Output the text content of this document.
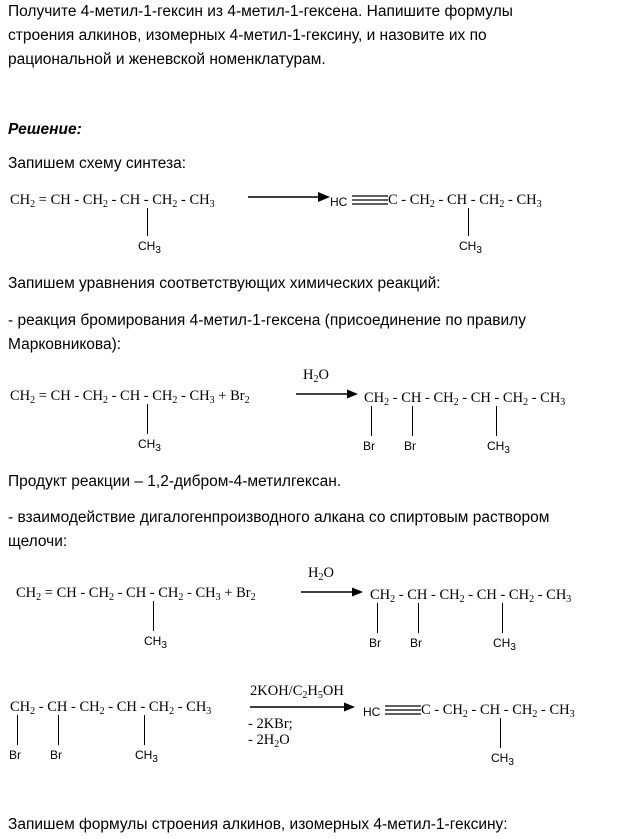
Получите 4-метил-1-гексин из 4-метил-1-гексена. Напишите формулы
строения алкинов, изомерных 4-метил-1-гексину, и назовите их по
рациональной и женевской номенклатурам.
Решение:
Запишем схему синтеза:
$CH_2$ = CH - $CH_2$ - CH - $CH_2 - CH_3$
$CH_3$
HC	C - $CH_2$ - CH - $CH_2 - CH_3$
$CH_3$
Запишем уравнения соответствующих химических реакций:
- реакция бромирования 4-метил-1-гексена (присоединение по правилу
Марковникова):
$CH_2$ = CH - $CH_2$ - CH - $CH_2 - CH_3 + Br_2$
$CH_3$
$H_2O$
→ $CH_2$ - CH - $CH_2$ - CH - $CH_2 - CH_3$
Br Br	$CH_3$
Продукт реакции – 1,2-дибром-4-метилгексан.
- взаимодействие дигалогенпроизводного алкана со спиртовым раствором
щелочи:
$CH_2$ = CH - $CH_2$ - CH - $CH_2 - CH_3 + Br_2$
$CH_3$
$H_2O$
→ $CH_2$ - CH - $CH_2$ - CH - $CH_2 - CH_3$
Br Br	$CH_3$
$CH_2$ - CH - $CH_2$ - CH - $CH_2 - CH_3$
Br Br	$CH_3$
$2KOH/C_2H_5OH$
- 2KBr;
- $2H_2O$
HC	C - $CH_2$ - CH - $CH_2 - CH_3$
$CH_3$
Запишем формулы строения алкинов, изомерных 4-метил-1-гексину:
